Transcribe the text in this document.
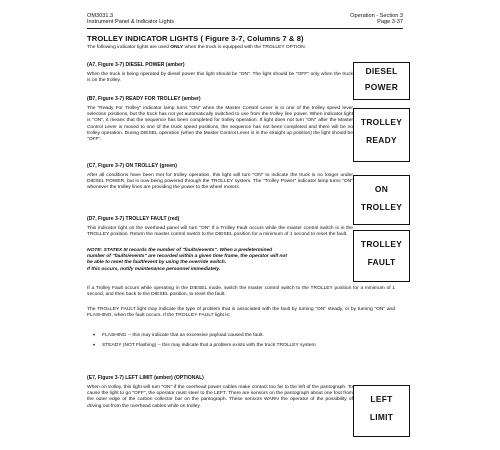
OM3031.3
Instrument Panel & Indicator Lights
Operation - Section 3
Page 3-37
TROLLEY INDICATOR LIGHTS ( Figure 3-7, Columns 7 & 8)

The following indicator lights are used ONLY when the truck is equipped with the TROLLEY OPTION.

(A7, Figure 3-7) DIESEL POWER (amber)

When the truck is being operated by diesel power this light should be "ON". The light should be "OFF" only when the truck is on the trolley.

DIESEL
POWER
(B7, Figure 3-7) READY FOR TROLLEY (amber)

The "Ready For Trolley" indicator lamp turns "ON" when the Master Control Lever is in one of the trolley speed lever selection positions, but the truck has not yet automatically switched to use from the trolley line power. When indicator light is "ON", it means that the sequence has been completed for trolley operation. If light does not turn "ON" after the Master Control Lever is moved to one of the truck speed positions, the sequence has not been completed and there will be no trolley operation. During DIESEL operation (when the Master Control Lever is in the straight up position) the light should be "OFF".

TROLLEY
READY
(C7, Figure 3-7) ON TROLLEY (green)

After all conditions have been met for trolley operation, this light will turn "ON" to indicate the truck is no longer under DIESEL POWER, but is now being powered through the TROLLEY system. The "Trolley Power" indicator lamp turns "ON" whenever the trolley lines are providing the power to the wheel motors.	ON
TROLLEY
(D7, Figure 3-7) TROLLEY FAULT (red)

This indicator light on the overhead panel will turn "ON" if a Trolley Fault occurs while the master control switch is in the TROLLEY position. Return the master control switch to the DIESEL position for a minimum of 1 second to reset the fault.

NOTE: STATEX III records the number of "faults/events". When a predetermined
number of "faults/events" are recorded within a given time frame, the operator will not
be able to reset the fault/event by using the override switch.
If this occurs, notify maintenance personnel immediately.
TROLLEY
FAULT

If a Trolley Fault occurs while operating in the DIESEL mode, switch the master control switch to the TROLLEY position for a minimum of 1 second, and then back to the DIESEL position, to reset the fault.

The TROLLEY FAULT light may indicate the type of problem that is associated with the fault by turning "ON" steady, or by turning "ON" and FLASHING, when the fault occurs. If the TROLLEY FAULT light is:

•	FLASHING -- this may indicate that an excessive payload caused the fault.
•	STEADY (NOT Flashing) -- this may indicate that a problem exists with the truck TROLLEY system.
(E7, Figure 3-7) LEFT LIMIT (amber) (OPTIONAL)

When on trolley, this light will turn "ON" if the overhead power cables make contact too far to the left of the pantograph. To cause the light to go "OFF", the operator must steer to the LEFT. There are sensors on the pantograph about one foot from the outer edge of the carbon collector bar on the pantograph. These sensors WARN the operator of the possibility of driving out from the overhead cables while on trolley.

LEFT
LIMIT
